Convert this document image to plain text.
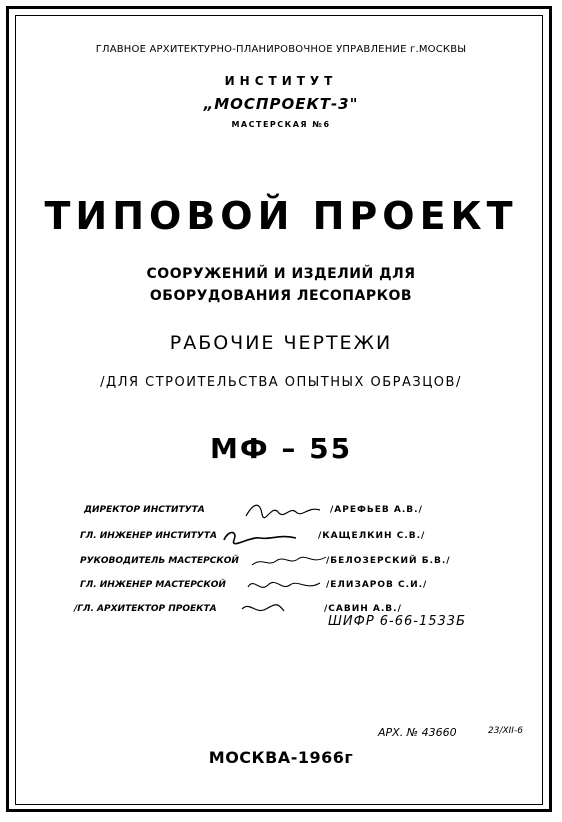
ГЛАВНОЕ АРХИТЕКТУРНО-ПЛАНИРОВОЧНОЕ УПРАВЛЕНИЕ г.МОСКВЫ
ИНСТИТУТ
„МОСПРОЕКТ-3"
МАСТЕРСКАЯ №6
ТИПОВОЙ ПРОЕКТ
СООРУЖЕНИЙ И ИЗДЕЛИЙ ДЛЯ
ОБОРУДОВАНИЯ ЛЕСОПАРКОВ
РАБОЧИЕ ЧЕРТЕЖИ
/ДЛЯ СТРОИТЕЛЬСТВА ОПЫТНЫХ ОБРАЗЦОВ/
МФ – 55
ДИРЕКТОР ИНСТИТУТА	/АРЕФЬЕВ А.В./
ГЛ. ИНЖЕНЕР ИНСТИТУТА	/КАЩЕЛКИН С.В./
РУКОВОДИТЕЛЬ МАСТЕРСКОЙ	/БЕЛОЗЕРСКИЙ Б.В./
ГЛ. ИНЖЕНЕР МАСТЕРСКОЙ	/ЕЛИЗАРОВ С.И./
/ГЛ. АРХИТЕКТОР ПРОЕКТА	/САВИН А.В./
ШИФР 6-66-1533Б
АРХ. № 43660	23/XII-6
МОСКВА-1966г
